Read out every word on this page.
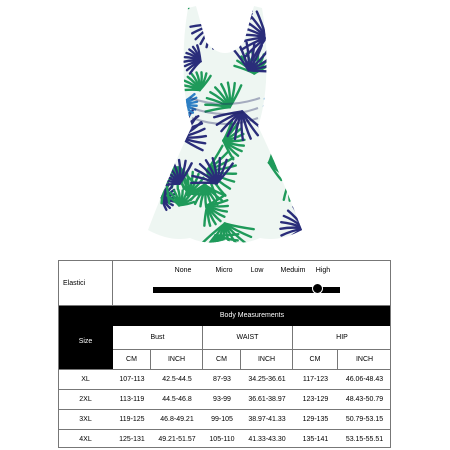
Elasticі
None	Micro	Low Meduim High
Size
Body Measurements
Bust	WAIST	HIP
CM	INCH	CM	INCH	CM	INCH
XL	107-113	42.5-44.5	87-93	34.25-36.61	117-123	46.06-48.43
2XL	113-119	44.5-46.8	93-99	36.61-38.97	123-129	48.43-50.79
3XL	119-125	46.8-49.21	99-105	38.97-41.33	129-135	50.79-53.15
4XL	125-131	49.21-51.57	105-110	41.33-43.30	135-141	53.15-55.51
